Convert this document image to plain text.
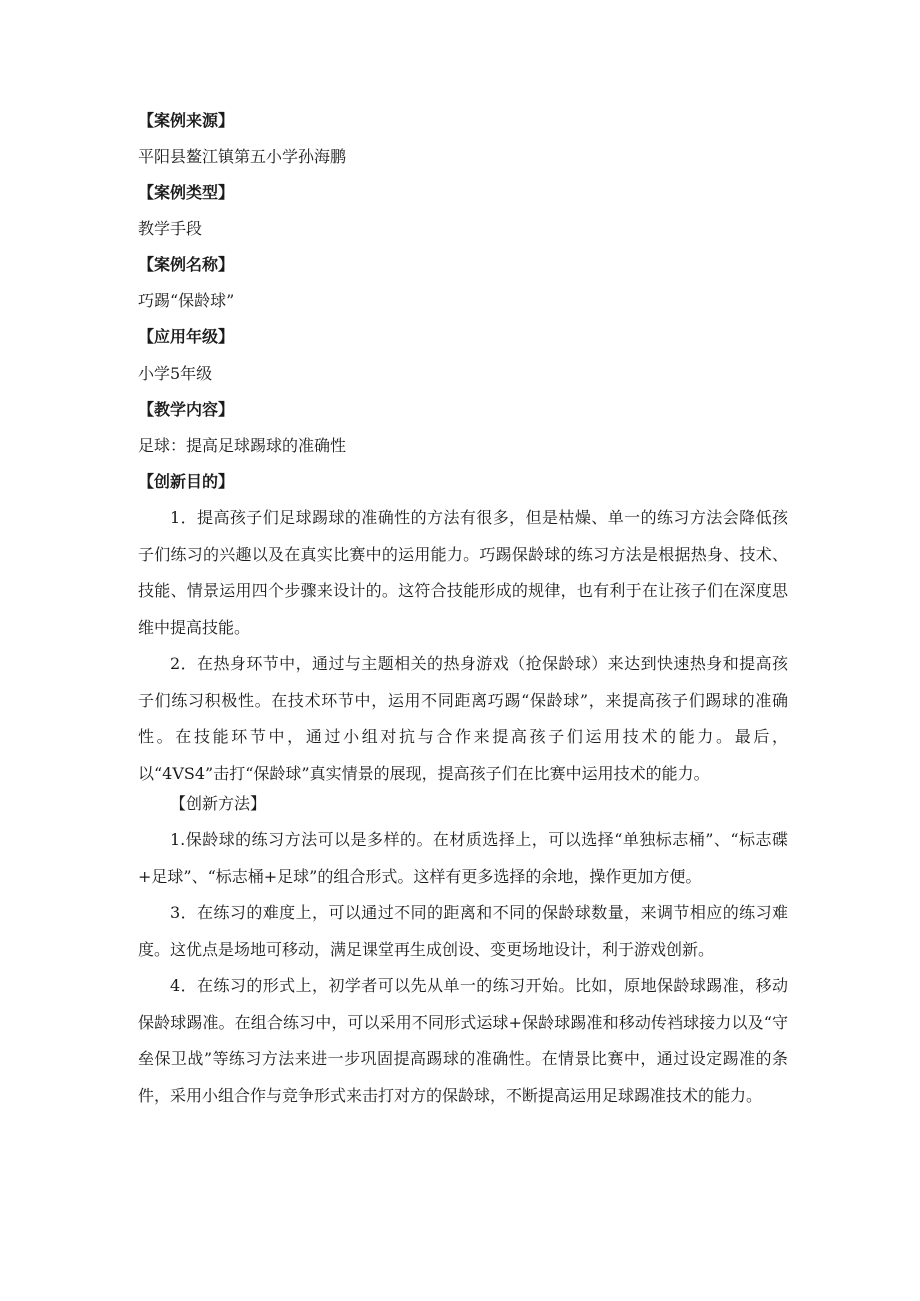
【案例来源】
平阳县鳌江镇第五小学孙海鹏
【案例类型】
教学手段
【案例名称】
巧踢“保龄球”
【应用年级】
小学5年级
【教学内容】
足球：提高足球踢球的准确性
【创新目的】

1．提高孩子们足球踢球的准确性的方法有很多，但是枯燥、单一的练习方法会降低孩子们练习的兴趣以及在真实比赛中的运用能力。巧踢保龄球的练习方法是根据热身、技术、技能、情景运用四个步骤来设计的。这符合技能形成的规律，也有利于在让孩子们在深度思维中提高技能。

2．在热身环节中，通过与主题相关的热身游戏（抢保龄球）来达到快速热身和提高孩子们练习积极性。在技术环节中，运用不同距离巧踢“保龄球”，来提高孩子们踢球的准确性。在技能环节中，通过小组对抗与合作来提高孩子们运用技术的能力。最后，以“4VS4”击打“保龄球”真实情景的展现，提高孩子们在比赛中运用技术的能力。

【创新方法】

1.保龄球的练习方法可以是多样的。在材质选择上，可以选择“单独标志桶”、“标志碟+足球”、“标志桶+足球”的组合形式。这样有更多选择的余地，操作更加方便。

3．在练习的难度上，可以通过不同的距离和不同的保龄球数量，来调节相应的练习难度。这优点是场地可移动，满足课堂再生成创设、变更场地设计，利于游戏创新。

4．在练习的形式上，初学者可以先从单一的练习开始。比如，原地保龄球踢准，移动保龄球踢准。在组合练习中，可以采用不同形式运球+保龄球踢准和移动传裆球接力以及“守垒保卫战”等练习方法来进一步巩固提高踢球的准确性。在情景比赛中，通过设定踢准的条件，采用小组合作与竞争形式来击打对方的保龄球，不断提高运用足球踢准技术的能力。
